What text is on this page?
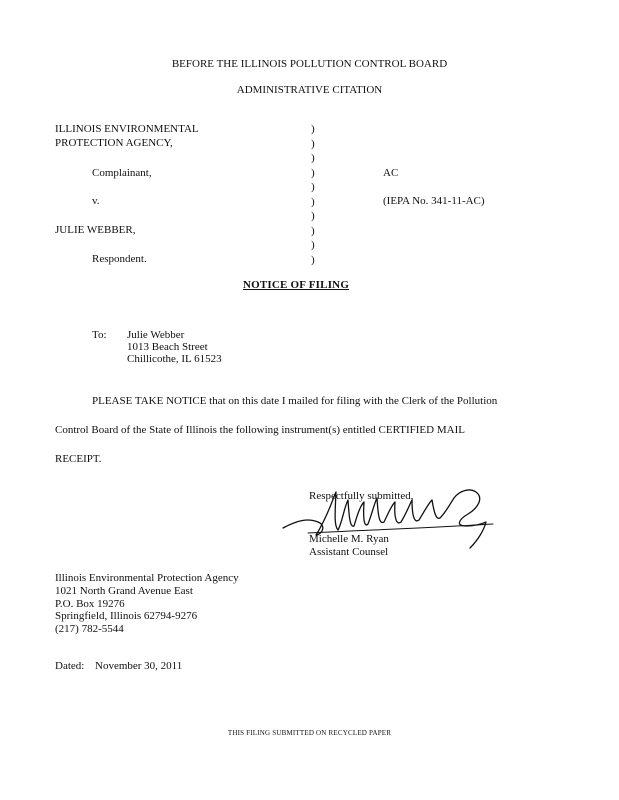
BEFORE THE ILLINOIS POLLUTION CONTROL BOARD
ADMINISTRATIVE CITATION
ILLINOIS ENVIRONMENTAL
PROTECTION AGENCY,
Complainant,
v.
JULIE WEBBER,
Respondent.
)
)
)
)
)
)
)
)
)
)
AC
(IEPA No. 341-11-AC)
NOTICE OF FILING
To: Julie Webber
1013 Beach Street
Chillicothe, IL 61523
PLEASE TAKE NOTICE that on this date I mailed for filing with the Clerk of the Pollution
Control Board of the State of Illinois the following instrument(s) entitled CERTIFIED MAIL
RECEIPT.
Respectfully submitted,
Michelle M. Ryan
Assistant Counsel
Illinois Environmental Protection Agency
1021 North Grand Avenue East
P.O. Box 19276
Springfield, Illinois 62794-9276
(217) 782-5544
Dated: November 30, 2011
THIS FILING SUBMITTED ON RECYCLED PAPER
